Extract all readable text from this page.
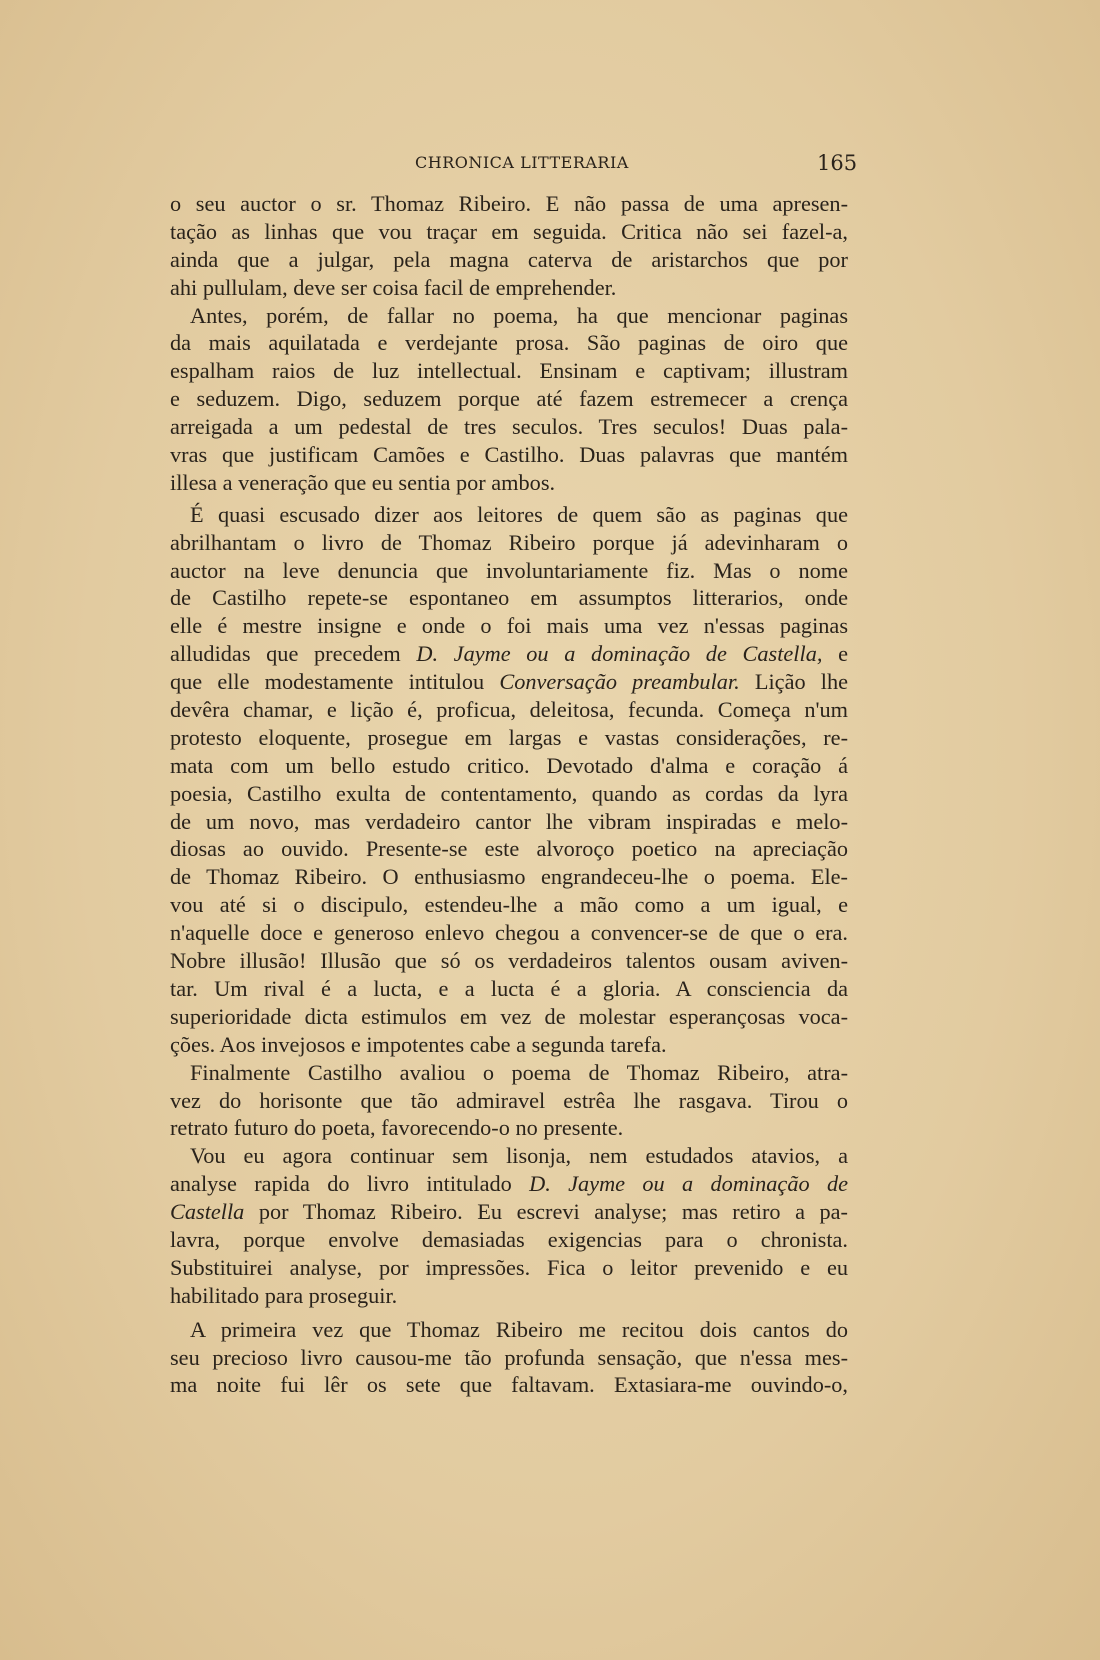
CHRONICA LITTERARIA	165
o seu auctor o sr. Thomaz Ribeiro. E não passa de uma apresen-
tação as linhas que vou traçar em seguida. Critica não sei fazel-a,
ainda que a julgar, pela magna caterva de aristarchos que por
ahi pullulam, deve ser coisa facil de emprehender.
Antes, porém, de fallar no poema, ha que mencionar paginas
da mais aquilatada e verdejante prosa. São paginas de oiro que
espalham raios de luz intellectual. Ensinam e captivam; illustram
e seduzem. Digo, seduzem porque até fazem estremecer a crença
arreigada a um pedestal de tres seculos. Tres seculos! Duas pala-
vras que justificam Camões e Castilho. Duas palavras que mantém
illesa a veneração que eu sentia por ambos.
É quasi escusado dizer aos leitores de quem são as paginas que
abrilhantam o livro de Thomaz Ribeiro porque já adevinharam o
auctor na leve denuncia que involuntariamente fiz. Mas o nome
de Castilho repete-se espontaneo em assumptos litterarios, onde
elle é mestre insigne e onde o foi mais uma vez n'essas paginas
alludidas que precedem D. Jayme ou a dominação de Castella, e
que elle modestamente intitulou Conversação preambular. Lição lhe
devêra chamar, e lição é, proficua, deleitosa, fecunda. Começa n'um
protesto eloquente, prosegue em largas e vastas considerações, re-
mata com um bello estudo critico. Devotado d'alma e coração á
poesia, Castilho exulta de contentamento, quando as cordas da lyra
de um novo, mas verdadeiro cantor lhe vibram inspiradas e melo-
diosas ao ouvido. Presente-se este alvoroço poetico na apreciação
de Thomaz Ribeiro. O enthusiasmo engrandeceu-lhe o poema. Ele-
vou até si o discipulo, estendeu-lhe a mão como a um igual, e
n'aquelle doce e generoso enlevo chegou a convencer-se de que o era.
Nobre illusão! Illusão que só os verdadeiros talentos ousam aviven-
tar. Um rival é a lucta, e a lucta é a gloria. A consciencia da
superioridade dicta estimulos em vez de molestar esperançosas voca-
ções. Aos invejosos e impotentes cabe a segunda tarefa.
Finalmente Castilho avaliou o poema de Thomaz Ribeiro, atra-
vez do horisonte que tão admiravel estrêa lhe rasgava. Tirou o
retrato futuro do poeta, favorecendo-o no presente.
Vou eu agora continuar sem lisonja, nem estudados atavios, a
analyse rapida do livro intitulado D. Jayme ou a dominação de
Castella por Thomaz Ribeiro. Eu escrevi analyse; mas retiro a pa-
lavra, porque envolve demasiadas exigencias para o chronista.
Substituirei analyse, por impressões. Fica o leitor prevenido e eu
habilitado para proseguir.
A primeira vez que Thomaz Ribeiro me recitou dois cantos do
seu precioso livro causou-me tão profunda sensação, que n'essa mes-
ma noite fui lêr os sete que faltavam. Extasiara-me ouvindo-o,
